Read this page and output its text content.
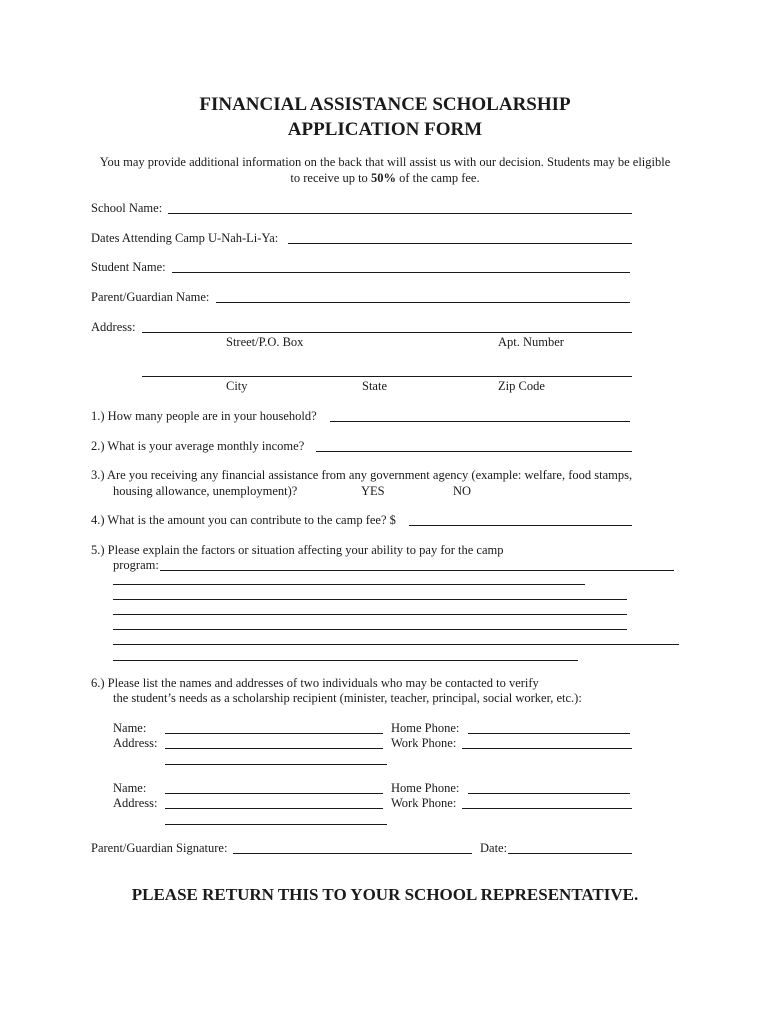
FINANCIAL ASSISTANCE SCHOLARSHIP
APPLICATION FORM
You may provide additional information on the back that will assist us with our decision. Students may be eligible
to receive up to 50% of the camp fee.
School Name:
Dates Attending Camp U-Nah-Li-Ya:
Student Name:
Parent/Guardian Name:
Address:
Street/P.O. Box	Apt. Number
City	State	Zip Code
1.) How many people are in your household?
2.) What is your average monthly income?
3.) Are you receiving any financial assistance from any government agency (example: welfare, food stamps,
housing allowance, unemployment)?	YES	NO
4.) What is the amount you can contribute to the camp fee? $
5.) Please explain the factors or situation affecting your ability to pay for the camp
program:
6.) Please list the names and addresses of two individuals who may be contacted to verify
the student’s needs as a scholarship recipient (minister, teacher, principal, social worker, etc.):
Name:	Home Phone:
Address:	Work Phone:
Name:	Home Phone:
Address:	Work Phone:
Parent/Guardian Signature:	Date:
PLEASE RETURN THIS TO YOUR SCHOOL REPRESENTATIVE.
